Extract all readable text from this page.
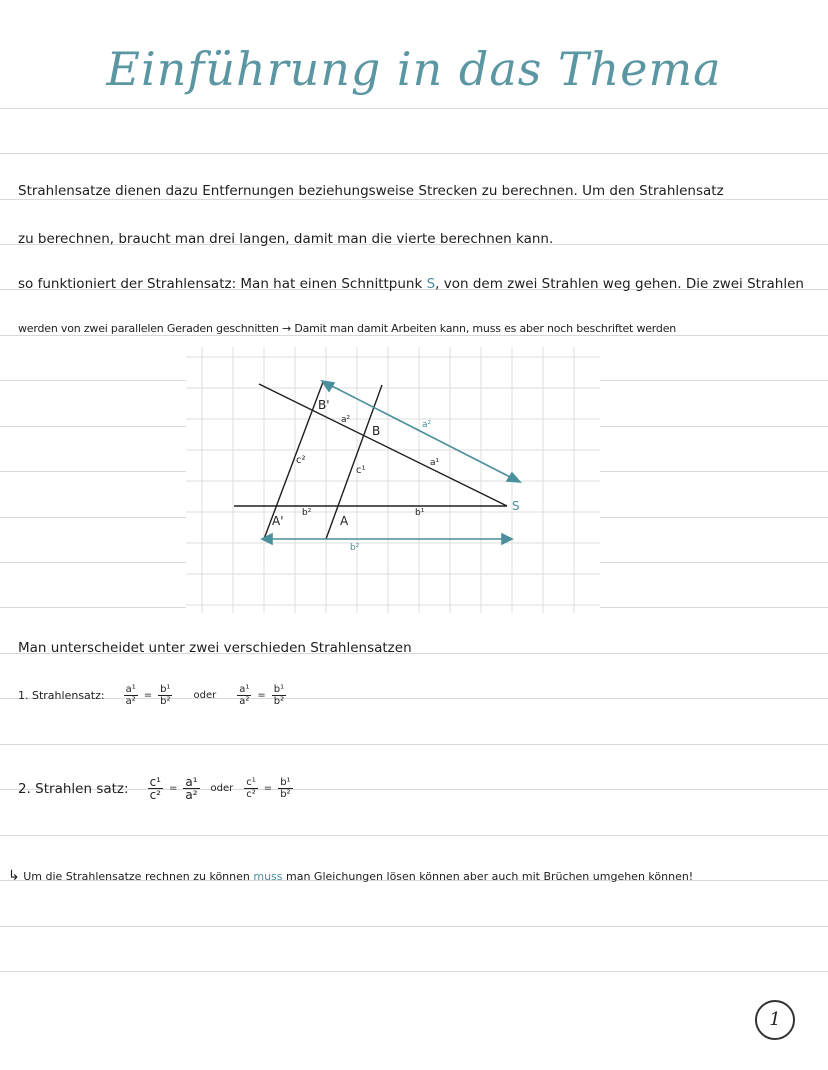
Einführung in das Thema
Strahlensatze dienen dazu Entfernungen beziehungsweise Strecken zu berechnen. Um den Strahlensatz
zu berechnen, braucht man drei langen, damit man die vierte berechnen kann.
so funktioniert der Strahlensatz: Man hat einen Schnittpunk S, von dem zwei Strahlen weg gehen. Die zwei Strahlen
werden von zwei parallelen Geraden geschnitten → Damit man damit Arbeiten kann, muss es aber noch beschriftet werden
B'
B
A'	A
S
c²
c¹
a²
a¹
a²
b²	b¹
b²
Man unterscheidet unter zwei verschieden Strahlensatzen
1. Strahlensatz: $\frac{\text{a¹}}{\text{a²}} = \frac{\text{b¹}}{\text{b²}}$ oder $\frac{\text{a¹}}{\text{a²}} = \frac{\text{b¹}}{\text{b²}}$
2. Strahlen satz: $\frac{\text{c¹}}{\text{c²}} = \frac{\text{a¹}}{\text{a²}}$ oder $\frac{\text{c¹}}{\text{c²}} = \frac{\text{b¹}}{\text{b²}}$
↳ Um die Strahlensatze rechnen zu können muss man Gleichungen lösen können aber auch mit Brüchen umgehen können!
1
